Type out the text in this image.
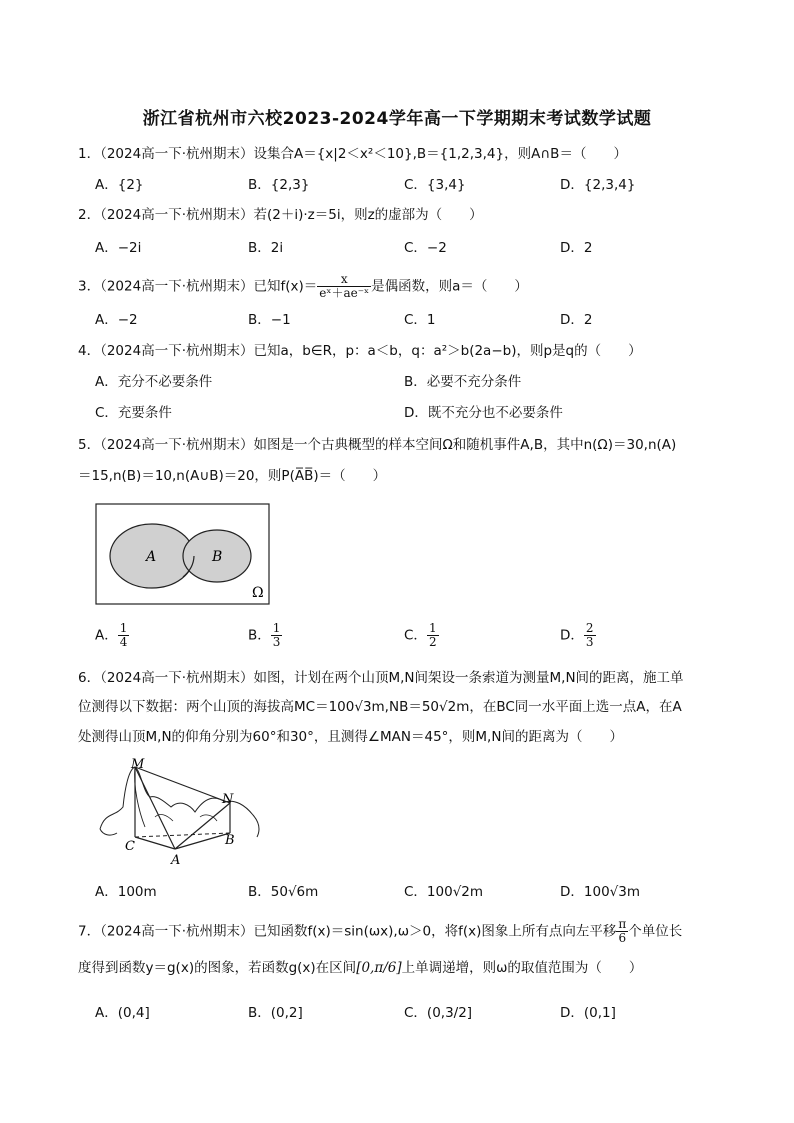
浙江省杭州市六校2023-2024学年高一下学期期末考试数学试题
1．（2024高一下·杭州期末）设集合A＝{x|2＜x²＜10},B＝{1,2,3,4}，则A∩B＝（　　）
A．{2}	B．{2,3}	C．{3,4}	D．{2,3,4}
2．（2024高一下·杭州期末）若(2＋i)·z＝5i，则z的虚部为（　　）
A．−2i	B．2i	C．−2	D．2
3．（2024高一下·杭州期末）已知$f(x)= \frac{x}{\text{eˣ＋ae⁻ˣ}}$ 是偶函数，则a＝（　　）
A．−2	B．−1	C．1	D．2
4．（2024高一下·杭州期末）已知a，b∈R，p：a＜b，q：a²＞b(2a−b)，则p是q的（　　）
A．充分不必要条件	B．必要不充分条件
C．充要条件	D．既不充分也不必要条件
5．（2024高一下·杭州期末）如图是一个古典概型的样本空间Ω和随机事件A,B，其中n(Ω)＝30,n(A)
＝15,n(B)＝10,n(A∪B)＝20，则P(A̅B̅)＝（　　）
A	B
Ω
A． $\frac{1}{4}$	B． $\frac{1}{3}$	C． $\frac{1}{2}$	D． $\frac{2}{3}$
6．（2024高一下·杭州期末）如图，计划在两个山顶M,N间架设一条索道为测量M,N间的距离，施工单
位测得以下数据：两个山顶的海拔高MC＝100√3m,NB＝50√2m，在BC同一水平面上选一点A，在A
处测得山顶M,N的仰角分别为60°和30°，且测得∠MAN＝45°，则M,N间的距离为（　　）
M
N
C
A
B
A．100m	B．50√6m	C．100√2m	D．100√3m
7．（2024高一下·杭州期末）已知函数f(x)＝sin(ωx),ω＞0，将f(x)图象上所有点向左平移 $\frac{\pi}{6}$ 个单位长
度得到函数y＝g(x)的图象，若函数g(x)在区间[0,π/6]上单调递增，则ω的取值范围为（　　）
A．(0,4]	B．(0,2]	C．(0,3/2]	D．(0,1]
